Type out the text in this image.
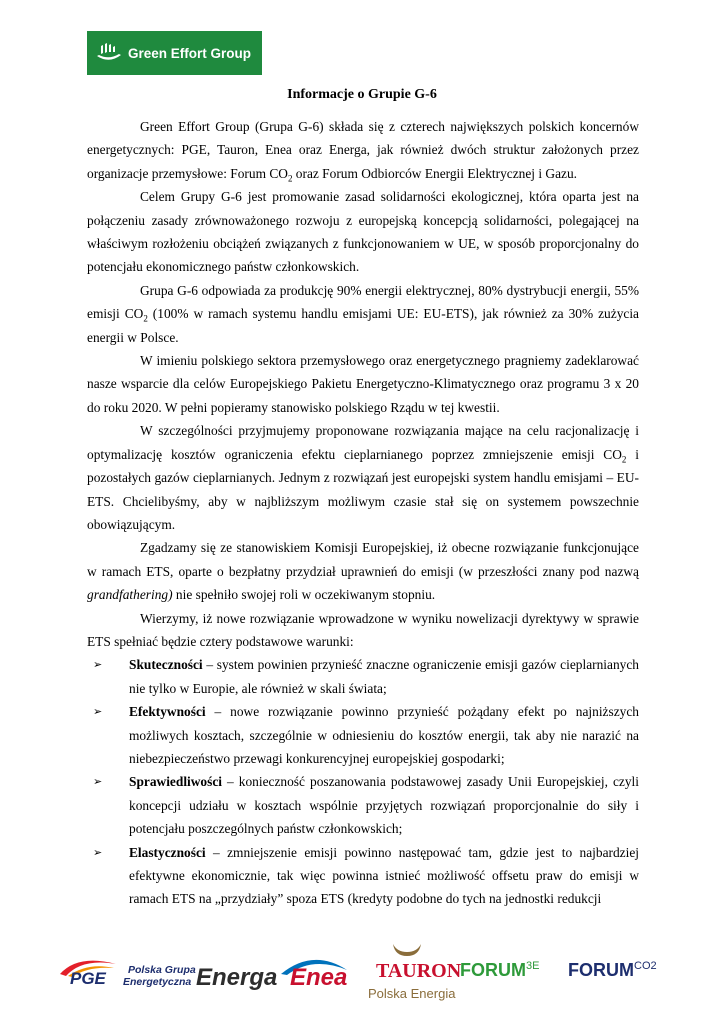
Green Effort Group
Informacje o Grupie G-6

Green Effort Group (Grupa G-6) składa się z czterech największych polskich koncernów energetycznych: PGE, Tauron, Enea oraz Energa, jak również dwóch struktur założonych przez organizacje przemysłowe: Forum $CO_2$ oraz Forum Odbiorców Energii Elektrycznej i Gazu.

Celem Grupy G-6 jest promowanie zasad solidarności ekologicznej, która oparta jest na połączeniu zasady zrównoważonego rozwoju z europejską koncepcją solidarności, polegającej na właściwym rozłożeniu obciążeń związanych z funkcjonowaniem w UE, w sposób proporcjonalny do potencjału ekonomicznego państw członkowskich.

Grupa G-6 odpowiada za produkcję 90% energii elektrycznej, 80% dystrybucji energii, 55% emisji $CO_2$ (100% w ramach systemu handlu emisjami UE: EU-ETS), jak również za 30% zużycia energii w Polsce.

W imieniu polskiego sektora przemysłowego oraz energetycznego pragniemy zadeklarować nasze wsparcie dla celów Europejskiego Pakietu Energetyczno-Klimatycznego oraz programu 3 x 20 do roku 2020. W pełni popieramy stanowisko polskiego Rządu w tej kwestii.

W szczególności przyjmujemy proponowane rozwiązania mające na celu racjonalizację i optymalizację kosztów ograniczenia efektu cieplarnianego poprzez zmniejszenie emisji $CO_2$ i pozostałych gazów cieplarnianych. Jednym z rozwiązań jest europejski system handlu emisjami – EU-ETS. Chcielibyśmy, aby w najbliższym możliwym czasie stał się on systemem powszechnie obowiązującym.

Zgadzamy się ze stanowiskiem Komisji Europejskiej, iż obecne rozwiązanie funkcjonujące w ramach ETS, oparte o bezpłatny przydział uprawnień do emisji (w przeszłości znany pod nazwą grandfathering) nie spełniło swojej roli w oczekiwanym stopniu.

Wierzymy, iż nowe rozwiązanie wprowadzone w wyniku nowelizacji dyrektywy w sprawie ETS spełniać będzie cztery podstawowe warunki:

➢ Skuteczności – system powinien przynieść znaczne ograniczenie emisji gazów cieplarnianych nie tylko w Europie, ale również w skali świata;
➢ Efektywności – nowe rozwiązanie powinno przynieść pożądany efekt po najniższych możliwych kosztach, szczególnie w odniesieniu do kosztów energii, tak aby nie narazić na niebezpieczeństwo przewagi konkurencyjnej europejskiej gospodarki;
➢ Sprawiedliwości – konieczność poszanowania podstawowej zasady Unii Europejskiej, czyli koncepcji udziału w kosztach wspólnie przyjętych rozwiązań proporcjonalnie do siły i potencjału poszczególnych państw członkowskich;
➢ Elastyczności – zmniejszenie emisji powinno następować tam, gdzie jest to najbardziej efektywne ekonomicznie, tak więc powinna istnieć możliwość offsetu praw do emisji w ramach ETS na „przydziały” spoza ETS (kredyty podobne do tych na jednostki redukcji
PGE Polska Grupa
Energetyczna Energa Enea TAURON
Polska Energia
$FORUM^{3E}$ $FORUM^{CO2}$
